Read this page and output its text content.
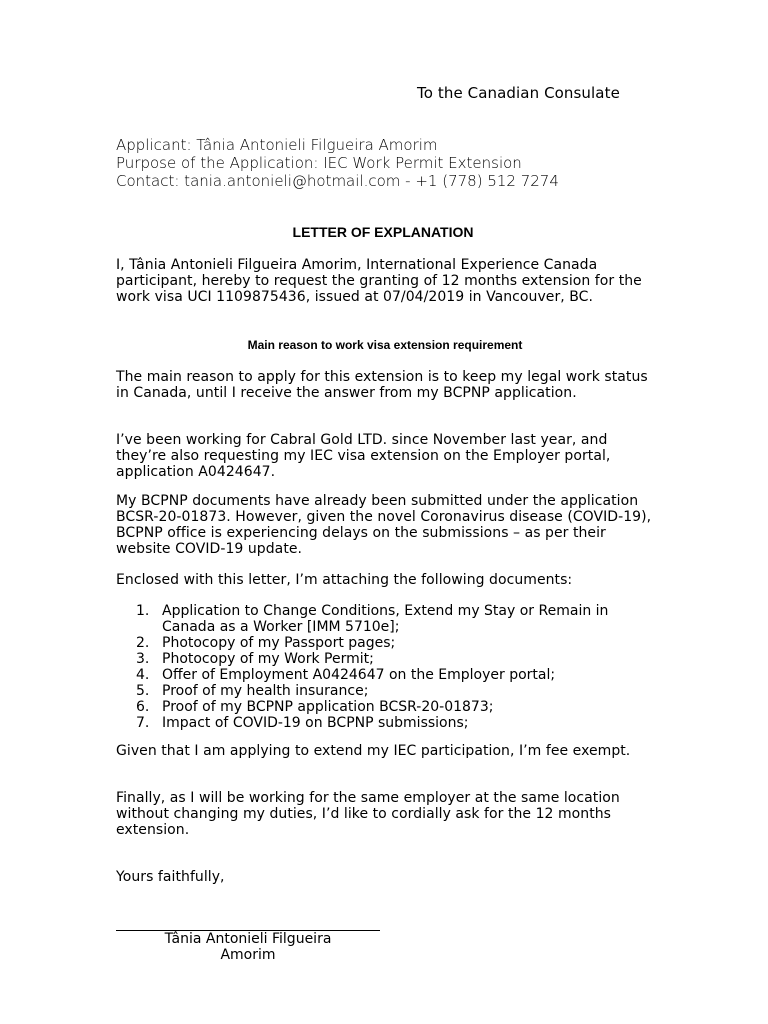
To the Canadian Consulate
Applicant: Tânia Antonieli Filgueira Amorim
Purpose of the Application: IEC Work Permit Extension
Contact: tania.antonieli@hotmail.com - +1 (778) 512 7274
LETTER OF EXPLANATION
I, Tânia Antonieli Filgueira Amorim, International Experience Canada participant, hereby to request the granting of 12 months extension for the work visa UCI 1109875436, issued at 07/04/2019 in Vancouver, BC.
Main reason to work visa extension requirement
The main reason to apply for this extension is to keep my legal work status in Canada, until I receive the answer from my BCPNP application.
I’ve been working for Cabral Gold LTD. since November last year, and they’re also requesting my IEC visa extension on the Employer portal, application A0424647.
My BCPNP documents have already been submitted under the application BCSR-20-01873. However, given the novel Coronavirus disease (COVID-19), BCPNP office is experiencing delays on the submissions – as per their website COVID-19 update.
Enclosed with this letter, I’m attaching the following documents:
1. Application to Change Conditions, Extend my Stay or Remain in Canada as a Worker [IMM 5710e];
2. Photocopy of my Passport pages;
3. Photocopy of my Work Permit;
4. Offer of Employment A0424647 on the Employer portal;
5. Proof of my health insurance;
6. Proof of my BCPNP application BCSR-20-01873;
7. Impact of COVID-19 on BCPNP submissions;
Given that I am applying to extend my IEC participation, I’m fee exempt.
Finally, as I will be working for the same employer at the same location without changing my duties, I’d like to cordially ask for the 12 months extension.
Yours faithfully,
Tânia Antonieli Filgueira
Amorim
